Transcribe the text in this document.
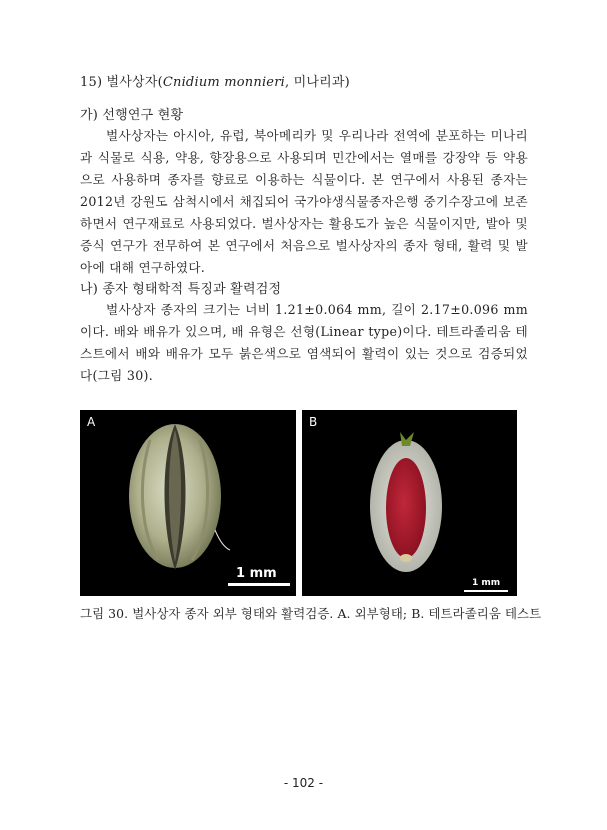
15) 벌사상자(Cnidium monnieri, 미나리과)
가) 선행연구 현황

벌사상자는 아시아, 유럽, 북아메리카 및 우리나라 전역에 분포하는 미나리과 식물로 식용, 약용, 향장용으로 사용되며 민간에서는 열매를 강장약 등 약용으로 사용하며 종자를 향료로 이용하는 식물이다. 본 연구에서 사용된 종자는 2012년 강원도 삼척시에서 채집되어 국가야생식물종자은행 중기수장고에 보존하면서 연구재료로 사용되었다. 벌사상자는 활용도가 높은 식물이지만, 발아 및 증식 연구가 전무하여 본 연구에서 처음으로 벌사상자의 종자 형태, 활력 및 발아에 대해 연구하였다.

나) 종자 형태학적 특징과 활력검정

벌사상자 종자의 크기는 너비 1.21±0.064 mm, 길이 2.17±0.096 mm이다. 배와 배유가 있으며, 배 유형은 선형(Linear type)이다. 테트라졸리움 테스트에서 배와 배유가 모두 붉은색으로 염색되어 활력이 있는 것으로 검증되었다(그림 30).

A
1 mm
B
1 mm
그림 30. 벌사상자 종자 외부 형태와 활력검증. A. 외부형태; B. 테트라졸리움 테스트
- 102 -
